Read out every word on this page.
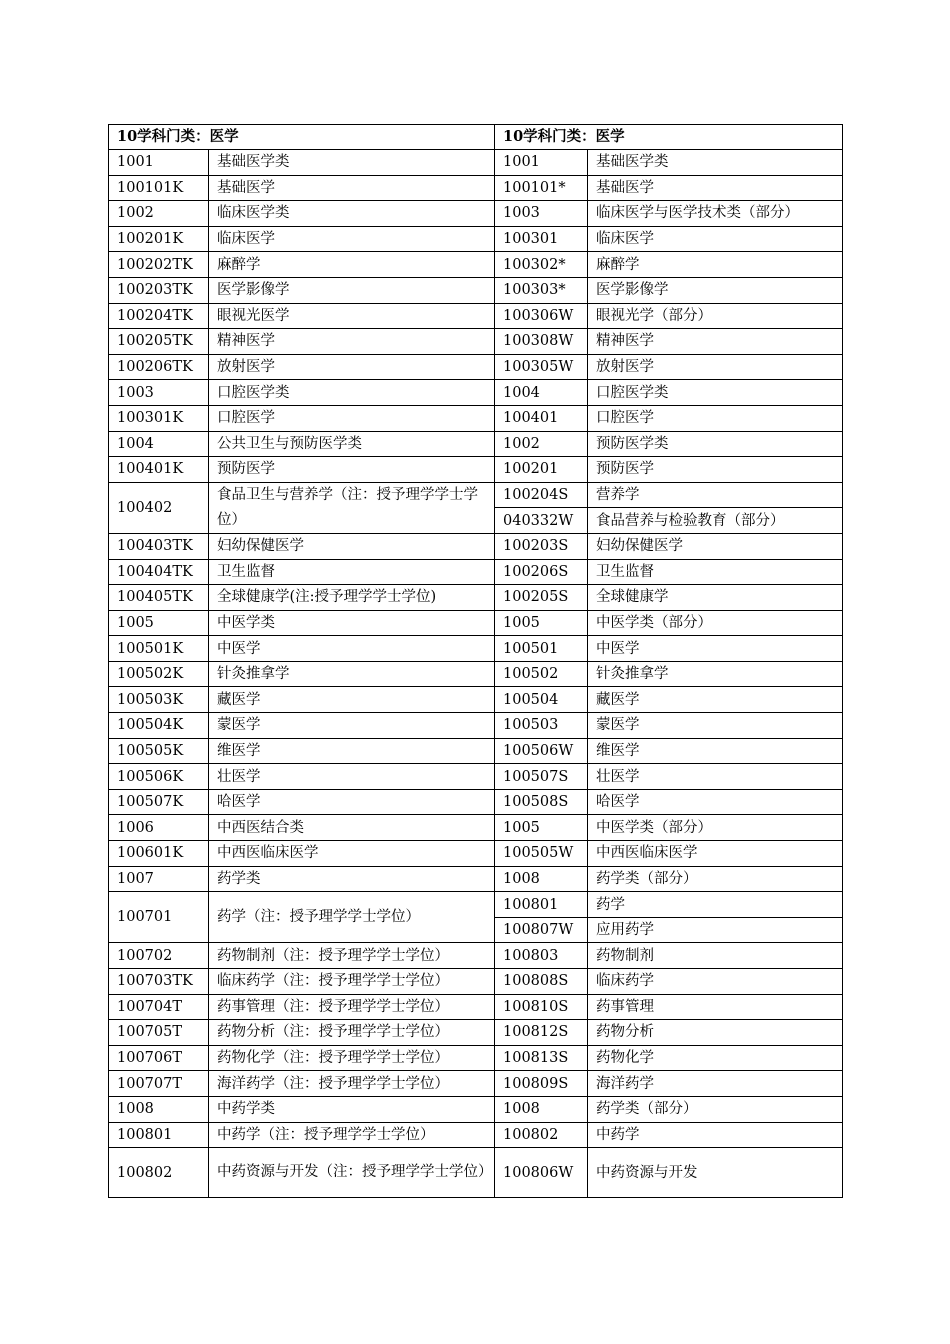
10学科门类：医学		10学科门类：医学	
1001	基础医学类	1001	基础医学类
100101K	基础医学	100101*	基础医学
1002	临床医学类	1003	临床医学与医学技术类（部分）
100201K	临床医学	100301	临床医学
100202TK	麻醉学	100302*	麻醉学
100203TK	医学影像学	100303*	医学影像学
100204TK	眼视光医学	100306W	眼视光学（部分）
100205TK	精神医学	100308W	精神医学
100206TK	放射医学	100305W	放射医学
1003	口腔医学类	1004	口腔医学类
100301K	口腔医学	100401	口腔医学
1004	公共卫生与预防医学类	1002	预防医学类
100401K	预防医学	100201	预防医学
100402	食品卫生与营养学（注：授予理学学士学位）	100204S	营养学
		040332W	食品营养与检验教育（部分）
100403TK	妇幼保健医学	100203S	妇幼保健医学
100404TK	卫生监督	100206S	卫生监督
100405TK	全球健康学(注:授予理学学士学位)	100205S	全球健康学
1005	中医学类	1005	中医学类（部分）
100501K	中医学	100501	中医学
100502K	针灸推拿学	100502	针灸推拿学
100503K	藏医学	100504	藏医学
100504K	蒙医学	100503	蒙医学
100505K	维医学	100506W	维医学
100506K	壮医学	100507S	壮医学
100507K	哈医学	100508S	哈医学
1006	中西医结合类	1005	中医学类（部分）
100601K	中西医临床医学	100505W	中西医临床医学
1007	药学类	1008	药学类（部分）
100701	药学（注：授予理学学士学位）	100801	药学
		100807W	应用药学
100702	药物制剂（注：授予理学学士学位）	100803	药物制剂
100703TK	临床药学（注：授予理学学士学位）	100808S	临床药学
100704T	药事管理（注：授予理学学士学位）	100810S	药事管理
100705T	药物分析（注：授予理学学士学位）	100812S	药物分析
100706T	药物化学（注：授予理学学士学位）	100813S	药物化学
100707T	海洋药学（注：授予理学学士学位）	100809S	海洋药学
1008	中药学类	1008	药学类（部分）
100801	中药学（注：授予理学学士学位）	100802	中药学
100802	中药资源与开发（注：授予理学学士学位）	100806W	中药资源与开发
